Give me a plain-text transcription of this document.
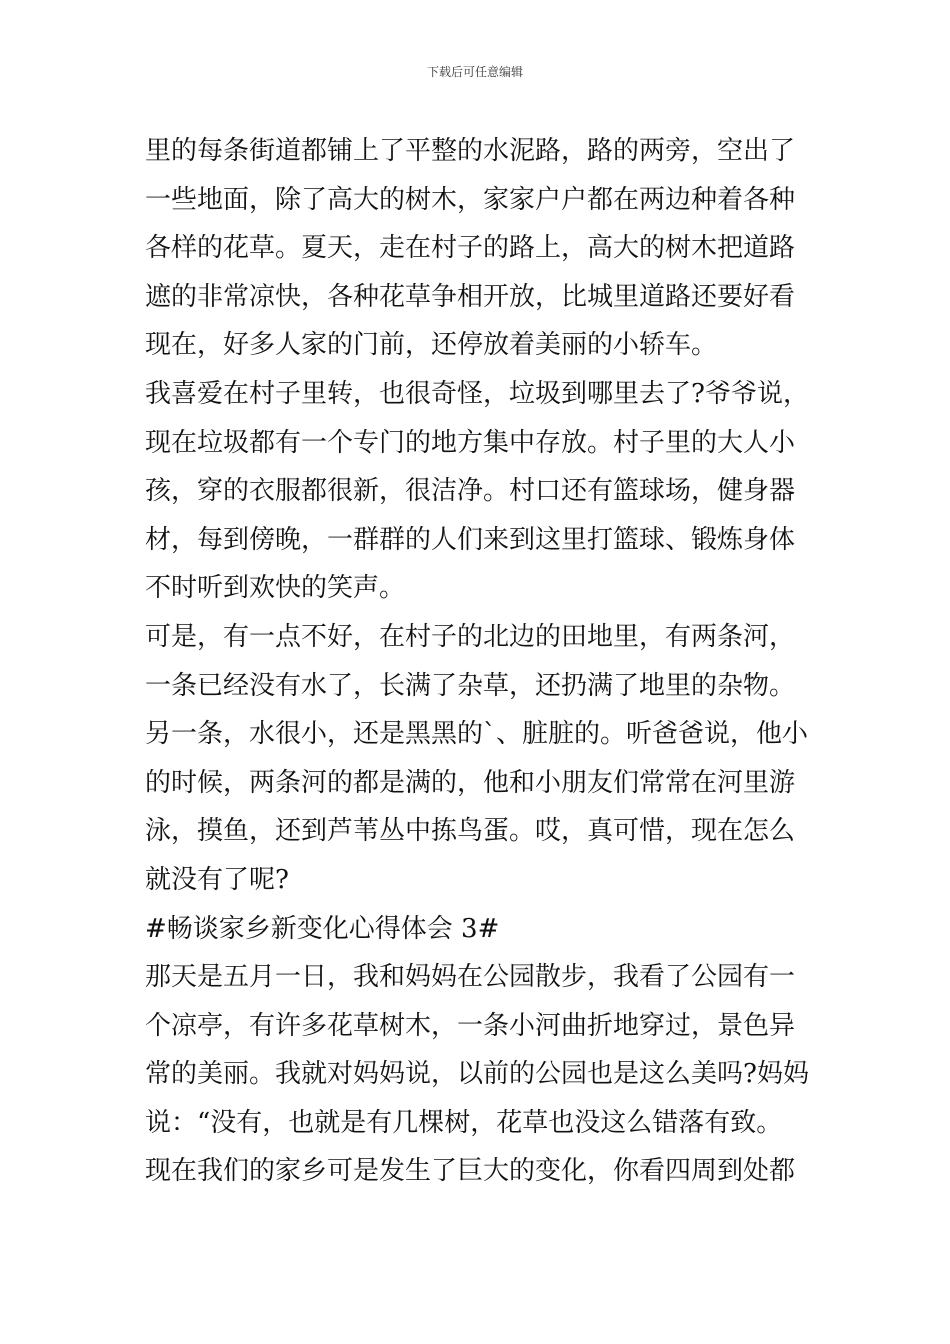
下载后可任意编辑
里的每条街道都铺上了平整的水泥路，路的两旁，空出了
一些地面，除了高大的树木，家家户户都在两边种着各种
各样的花草。夏天，走在村子的路上，高大的树木把道路
遮的非常凉快，各种花草争相开放，比城里道路还要好看
现在，好多人家的门前，还停放着美丽的小轿车。
我喜爱在村子里转，也很奇怪，垃圾到哪里去了?爷爷说，
现在垃圾都有一个专门的地方集中存放。村子里的大人小
孩，穿的衣服都很新，很洁净。村口还有篮球场，健身器
材，每到傍晚，一群群的人们来到这里打篮球、锻炼身体
不时听到欢快的笑声。
可是，有一点不好，在村子的北边的田地里，有两条河，
一条已经没有水了，长满了杂草，还扔满了地里的杂物。
另一条，水很小，还是黑黑的`、脏脏的。听爸爸说，他小
的时候，两条河的都是满的，他和小朋友们常常在河里游
泳，摸鱼，还到芦苇丛中拣鸟蛋。哎，真可惜，现在怎么
就没有了呢?
#畅谈家乡新变化心得体会 3#
那天是五月一日，我和妈妈在公园散步，我看了公园有一
个凉亭，有许多花草树木，一条小河曲折地穿过，景色异
常的美丽。我就对妈妈说，以前的公园也是这么美吗?妈妈
说：“没有，也就是有几棵树，花草也没这么错落有致。
现在我们的家乡可是发生了巨大的变化，你看四周到处都
